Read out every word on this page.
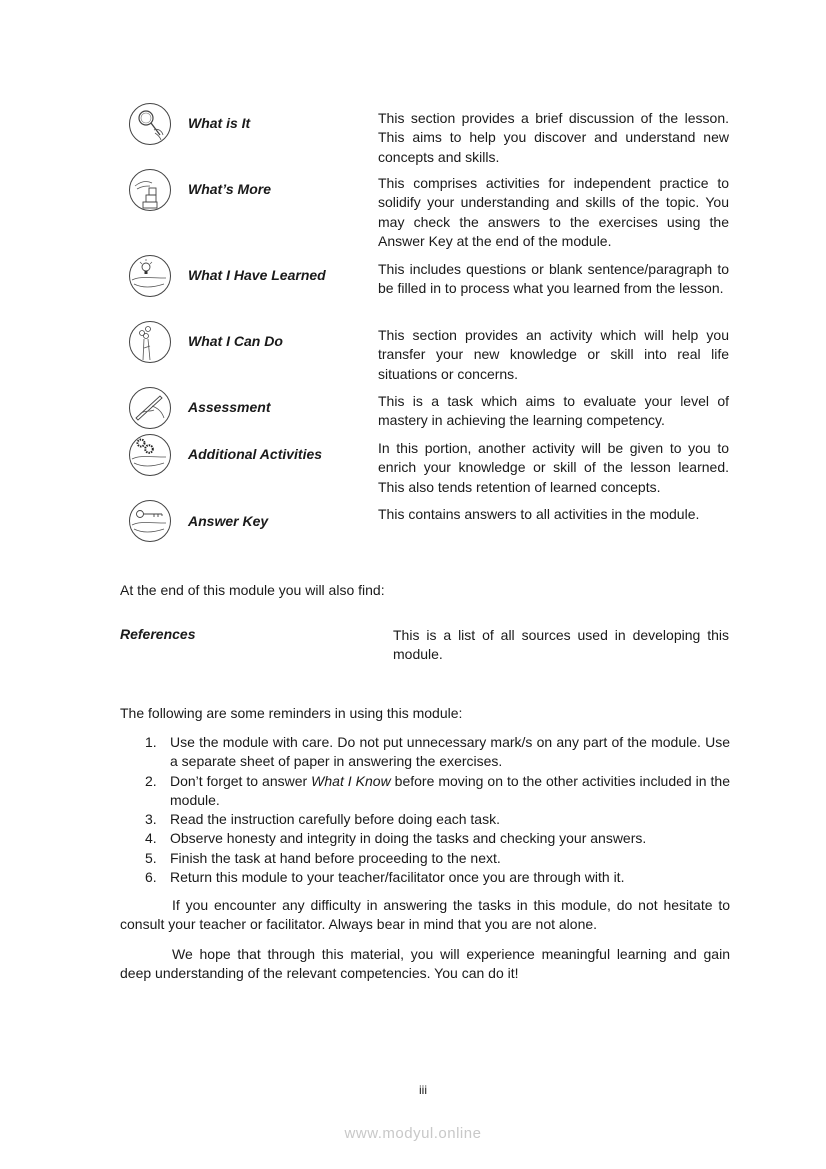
What is It	This section provides a brief discussion of the lesson. This aims to help you discover and understand new concepts and skills.
What’s More	This comprises activities for independent practice to solidify your understanding and skills of the topic. You may check the answers to the exercises using the Answer Key at the end of the module.
What I Have Learned	This includes questions or blank sentence/paragraph to be filled in to process what you learned from the lesson.
What I Can Do	This section provides an activity which will help you transfer your new knowledge or skill into real life situations or concerns.
Assessment	This is a task which aims to evaluate your level of mastery in achieving the learning competency.
Additional Activities	In this portion, another activity will be given to you to enrich your knowledge or skill of the lesson learned. This also tends retention of learned concepts.
Answer Key	This contains answers to all activities in the module.
At the end of this module you will also find:
References	This is a list of all sources used in developing this module.
The following are some reminders in using this module:
1. Use the module with care. Do not put unnecessary mark/s on any part of the module. Use a separate sheet of paper in answering the exercises.
2. Don’t forget to answer What I Know before moving on to the other activities included in the module.
3. Read the instruction carefully before doing each task.
4. Observe honesty and integrity in doing the tasks and checking your answers.
5. Finish the task at hand before proceeding to the next.
6. Return this module to your teacher/facilitator once you are through with it.
If you encounter any difficulty in answering the tasks in this module, do not hesitate to consult your teacher or facilitator. Always bear in mind that you are not alone.
We hope that through this material, you will experience meaningful learning and gain deep understanding of the relevant competencies. You can do it!
iii
www.modyul.online
